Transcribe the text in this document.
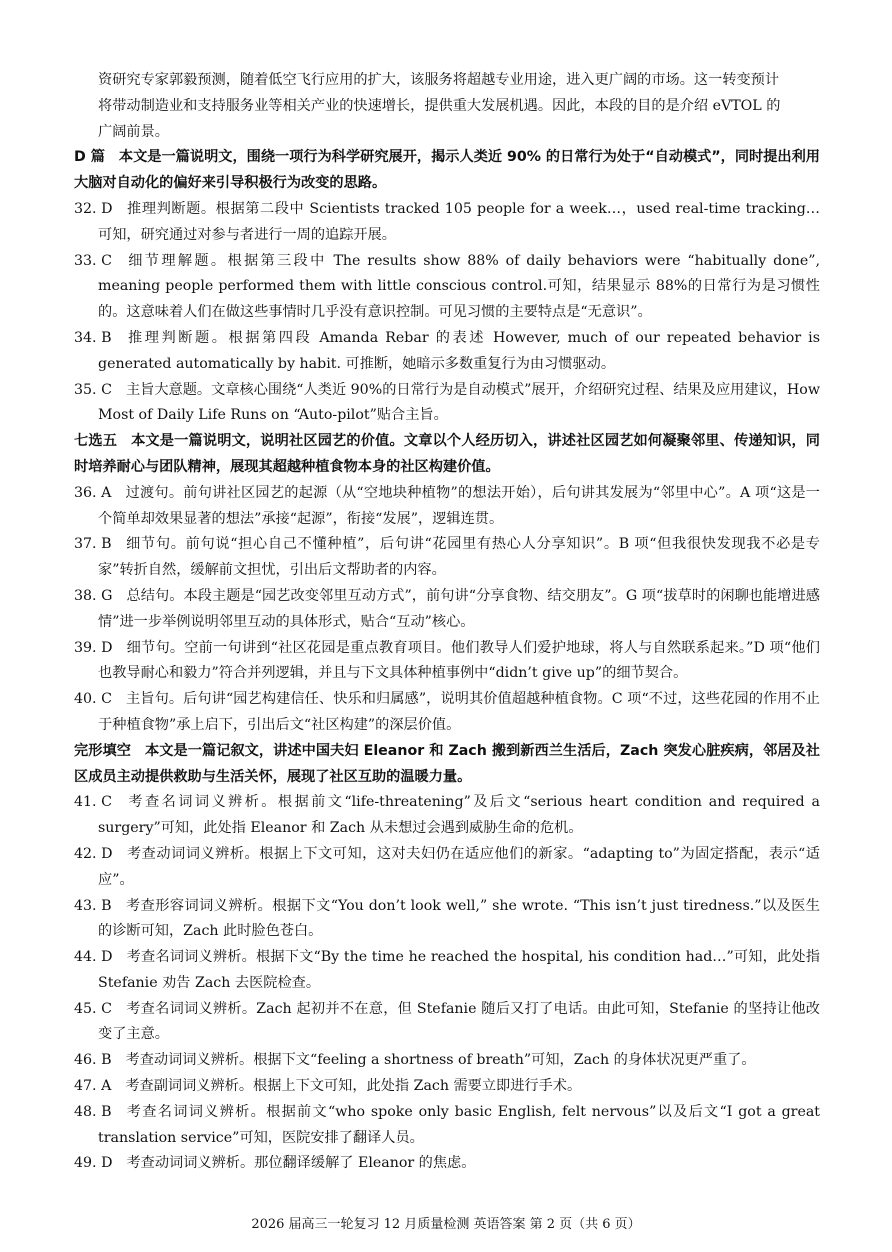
资研究专家郭毅预测，随着低空飞行应用的扩大，该服务将超越专业用途，进入更广阔的市场。这一转变预计

将带动制造业和支持服务业等相关产业的快速增长，提供重大发展机遇。因此，本段的目的是介绍 eVTOL 的

广阔前景。

D 篇 本文是一篇说明文，围绕一项行为科学研究展开，揭示人类近 90% 的日常行为处于“自动模式”，同时提出利用大脑对自动化的偏好来引导积极行为改变的思路。

32. D 推理判断题。根据第二段中 Scientists tracked 105 people for a week…，used real-time tracking…可知，研究通过对参与者进行一周的追踪开展。

33. C 细节理解题。根据第三段中 The results show 88% of daily behaviors were “habitually done”, meaning people performed them with little conscious control.可知，结果显示 88%的日常行为是习惯性的。这意味着人们在做这些事情时几乎没有意识控制。可见习惯的主要特点是“无意识”。

34. B 推理判断题。根据第四段 Amanda Rebar 的表述 However, much of our repeated behavior is generated automatically by habit. 可推断，她暗示多数重复行为由习惯驱动。

35. C 主旨大意题。文章核心围绕“人类近 90%的日常行为是自动模式”展开，介绍研究过程、结果及应用建议，How Most of Daily Life Runs on “Auto-pilot”贴合主旨。

七选五 本文是一篇说明文，说明社区园艺的价值。文章以个人经历切入，讲述社区园艺如何凝聚邻里、传递知识，同时培养耐心与团队精神，展现其超越种植食物本身的社区构建价值。

36. A 过渡句。前句讲社区园艺的起源（从“空地块种植物”的想法开始），后句讲其发展为“邻里中心”。A 项“这是一个简单却效果显著的想法”承接“起源”，衔接“发展”，逻辑连贯。

37. B 细节句。前句说“担心自己不懂种植”，后句讲“花园里有热心人分享知识”。B 项“但我很快发现我不必是专家”转折自然，缓解前文担忧，引出后文帮助者的内容。

38. G 总结句。本段主题是“园艺改变邻里互动方式”，前句讲“分享食物、结交朋友”。G 项“拔草时的闲聊也能增进感情”进一步举例说明邻里互动的具体形式，贴合“互动”核心。

39. D 细节句。空前一句讲到“社区花园是重点教育项目。他们教导人们爱护地球，将人与自然联系起来。”D 项“他们也教导耐心和毅力”符合并列逻辑，并且与下文具体种植事例中“didn’t give up”的细节契合。

40. C 主旨句。后句讲“园艺构建信任、快乐和归属感”，说明其价值超越种植食物。C 项“不过，这些花园的作用不止于种植食物”承上启下，引出后文“社区构建”的深层价值。

完形填空 本文是一篇记叙文，讲述中国夫妇 Eleanor 和 Zach 搬到新西兰生活后，Zach 突发心脏疾病，邻居及社区成员主动提供救助与生活关怀，展现了社区互助的温暖力量。

41. C 考查名词词义辨析。根据前文“life-threatening”及后文“serious heart condition and required a surgery”可知，此处指 Eleanor 和 Zach 从未想过会遇到威胁生命的危机。

42. D 考查动词词义辨析。根据上下文可知，这对夫妇仍在适应他们的新家。“adapting to”为固定搭配，表示“适应”。

43. B 考查形容词词义辨析。根据下文“You don’t look well,” she wrote. “This isn’t just tiredness.”以及医生的诊断可知，Zach 此时脸色苍白。

44. D 考查名词词义辨析。根据下文“By the time he reached the hospital, his condition had…”可知，此处指 Stefanie 劝告 Zach 去医院检查。

45. C 考查名词词义辨析。Zach 起初并不在意，但 Stefanie 随后又打了电话。由此可知，Stefanie 的坚持让他改变了主意。

46. B 考查动词词义辨析。根据下文“feeling a shortness of breath”可知，Zach 的身体状况更严重了。

47. A 考查副词词义辨析。根据上下文可知，此处指 Zach 需要立即进行手术。

48. B 考查名词词义辨析。根据前文“who spoke only basic English, felt nervous”以及后文“I got a great translation service”可知，医院安排了翻译人员。

49. D 考查动词词义辨析。那位翻译缓解了 Eleanor 的焦虑。

2026 届高三一轮复习 12 月质量检测 英语答案 第 2 页（共 6 页）
